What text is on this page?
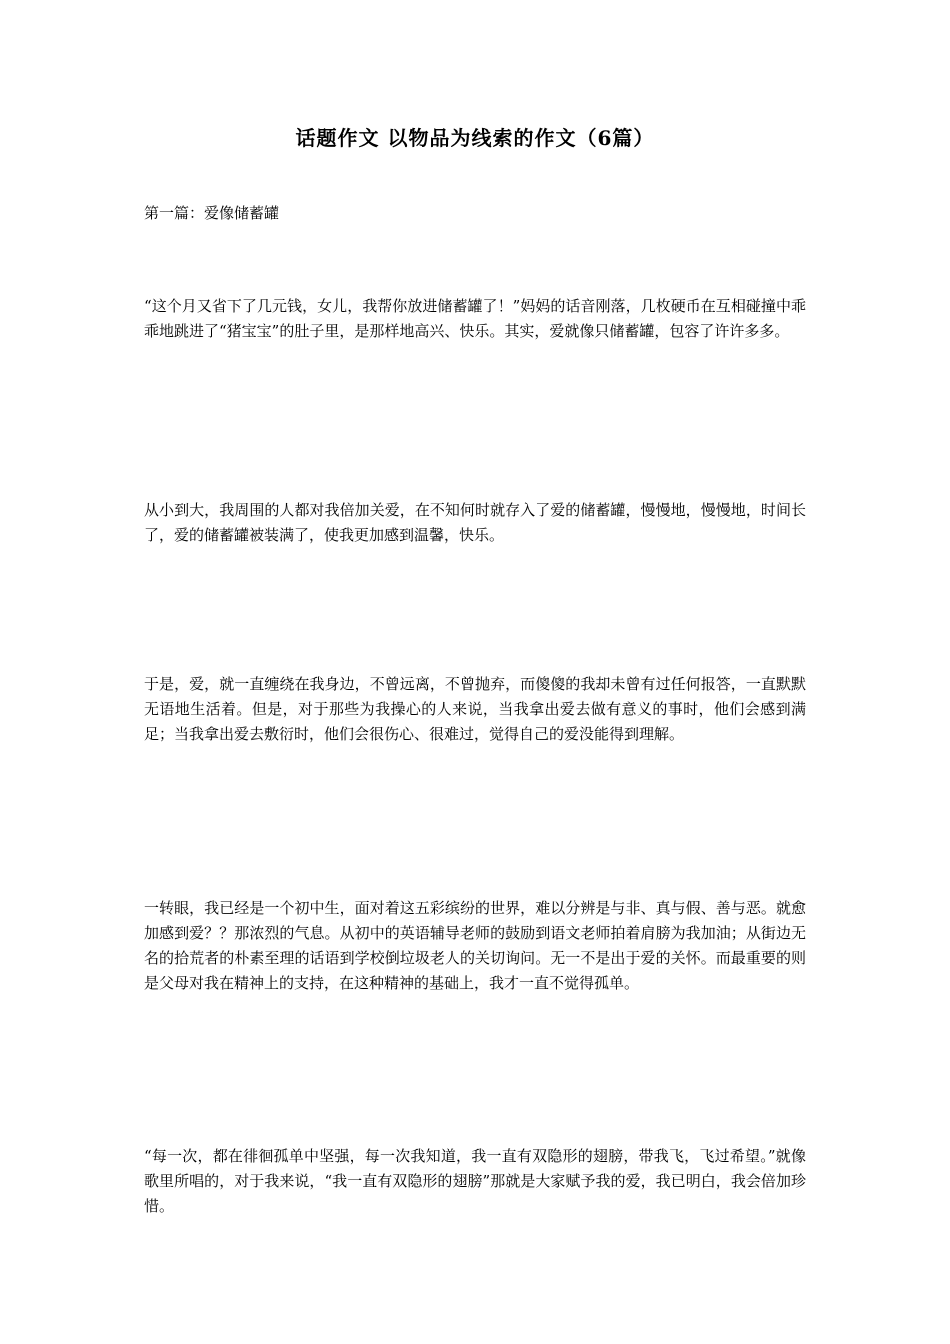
话题作文 以物品为线索的作文（6篇）

第一篇：爱像储蓄罐

“这个月又省下了几元钱，女儿，我帮你放进储蓄罐了！”妈妈的话音刚落，几枚硬币在互相碰撞中乖乖地跳进了“猪宝宝”的肚子里，是那样地高兴、快乐。其实，爱就像只储蓄罐，包容了许许多多。

从小到大，我周围的人都对我倍加关爱，在不知何时就存入了爱的储蓄罐，慢慢地，慢慢地，时间长了，爱的储蓄罐被装满了，使我更加感到温馨，快乐。

于是，爱，就一直缠绕在我身边，不曾远离，不曾抛弃，而傻傻的我却未曾有过任何报答，一直默默无语地生活着。但是，对于那些为我操心的人来说，当我拿出爱去做有意义的事时，他们会感到满足；当我拿出爱去敷衍时，他们会很伤心、很难过，觉得自己的爱没能得到理解。

一转眼，我已经是一个初中生，面对着这五彩缤纷的世界，难以分辨是与非、真与假、善与恶。就愈加感到爱？？那浓烈的气息。从初中的英语辅导老师的鼓励到语文老师拍着肩膀为我加油；从街边无名的拾荒者的朴素至理的话语到学校倒垃圾老人的关切询问。无一不是出于爱的关怀。而最重要的则是父母对我在精神上的支持，在这种精神的基础上，我才一直不觉得孤单。

“每一次，都在徘徊孤单中坚强，每一次我知道，我一直有双隐形的翅膀，带我飞，飞过希望。”就像歌里所唱的，对于我来说，“我一直有双隐形的翅膀”那就是大家赋予我的爱，我已明白，我会倍加珍惜。
